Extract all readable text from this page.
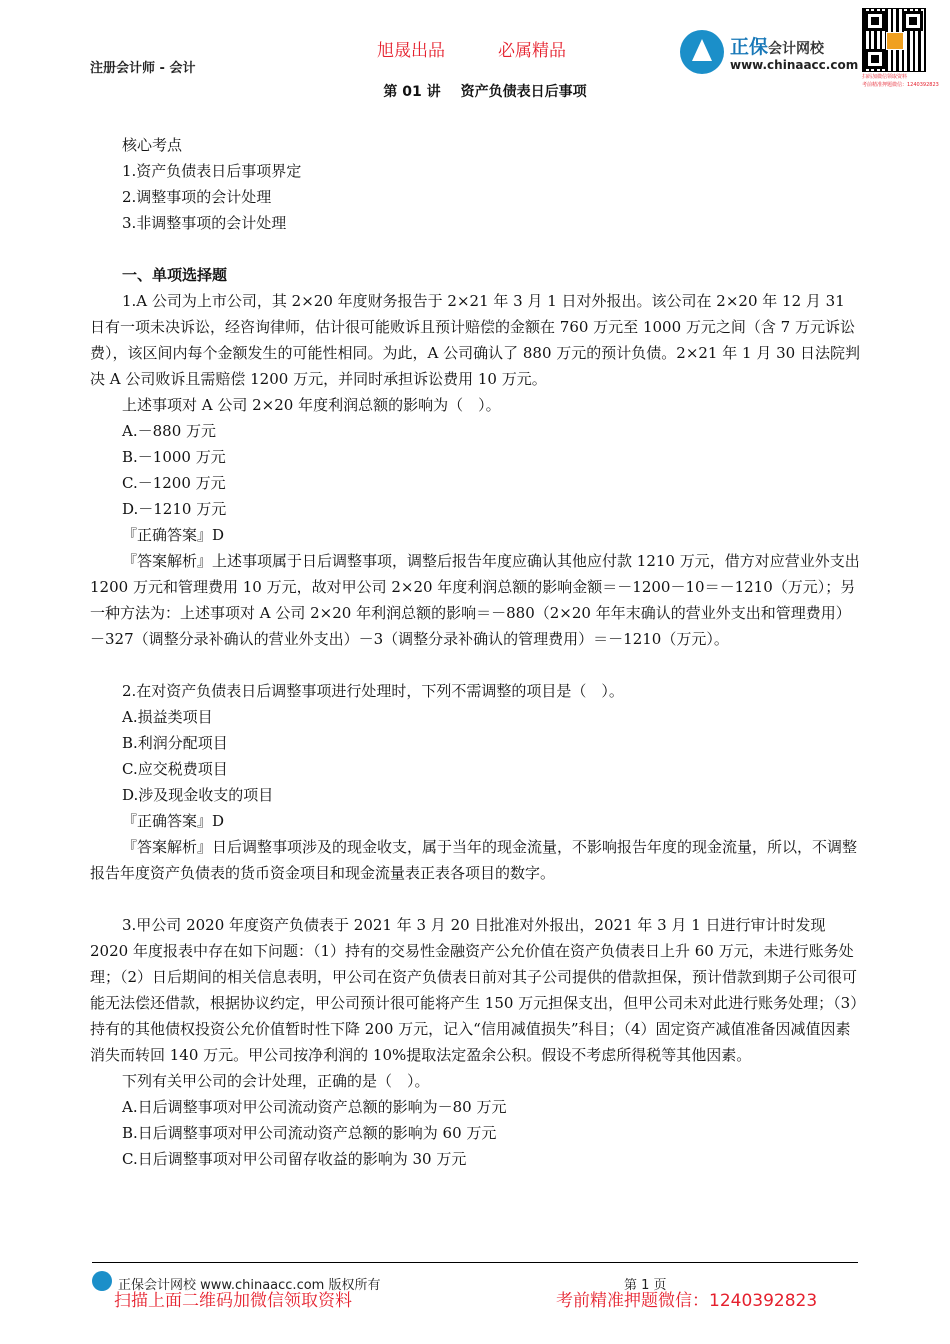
注册会计师 - 会计
旭晟出品	必属精品
第 01 讲 资产负债表日后事项
正保会计网校
www.chinaacc.com
扫码加微信领取资料
考前精准押题微信：1240392823

核心考点

1.资产负债表日后事项界定

2.调整事项的会计处理

3.非调整事项的会计处理

一、单项选择题

1.A 公司为上市公司，其 2×20 年度财务报告于 2×21 年 3 月 1 日对外报出。该公司在 2×20 年 12 月 31 日有一项未决诉讼，经咨询律师，估计很可能败诉且预计赔偿的金额在 760 万元至 1000 万元之间（含 7 万元诉讼费），该区间内每个金额发生的可能性相同。为此，A 公司确认了 880 万元的预计负债。2×21 年 1 月 30 日法院判决 A 公司败诉且需赔偿 1200 万元，并同时承担诉讼费用 10 万元。

上述事项对 A 公司 2×20 年度利润总额的影响为（　）。

A.－880 万元

B.－1000 万元

C.－1200 万元

D.－1210 万元

『正确答案』D

『答案解析』上述事项属于日后调整事项，调整后报告年度应确认其他应付款 1210 万元，借方对应营业外支出 1200 万元和管理费用 10 万元，故对甲公司 2×20 年度利润总额的影响金额＝－1200－10＝－1210（万元）；另一种方法为：上述事项对 A 公司 2×20 年利润总额的影响＝－880（2×20 年年末确认的营业外支出和管理费用）－327（调整分录补确认的营业外支出）－3（调整分录补确认的管理费用）＝－1210（万元）。

2.在对资产负债表日后调整事项进行处理时，下列不需调整的项目是（　）。

A.损益类项目

B.利润分配项目

C.应交税费项目

D.涉及现金收支的项目

『正确答案』D

『答案解析』日后调整事项涉及的现金收支，属于当年的现金流量，不影响报告年度的现金流量，所以，不调整报告年度资产负债表的货币资金项目和现金流量表正表各项目的数字。

3.甲公司 2020 年度资产负债表于 2021 年 3 月 20 日批准对外报出，2021 年 3 月 1 日进行审计时发现 2020 年度报表中存在如下问题：（1）持有的交易性金融资产公允价值在资产负债表日上升 60 万元，未进行账务处理；（2）日后期间的相关信息表明，甲公司在资产负债表日前对其子公司提供的借款担保，预计借款到期子公司很可能无法偿还借款，根据协议约定，甲公司预计很可能将产生 150 万元担保支出，但甲公司未对此进行账务处理；（3）持有的其他债权投资公允价值暂时性下降 200 万元，记入“信用减值损失”科目；（4）固定资产减值准备因减值因素消失而转回 140 万元。甲公司按净利润的 10%提取法定盈余公积。假设不考虑所得税等其他因素。

下列有关甲公司的会计处理，正确的是（　）。

A.日后调整事项对甲公司流动资产总额的影响为－80 万元

B.日后调整事项对甲公司流动资产总额的影响为 60 万元

C.日后调整事项对甲公司留存收益的影响为 30 万元

正保会计网校 www.chinaacc.com 版权所有	第 1 页
扫描上面二维码加微信领取资料	考前精准押题微信：1240392823
